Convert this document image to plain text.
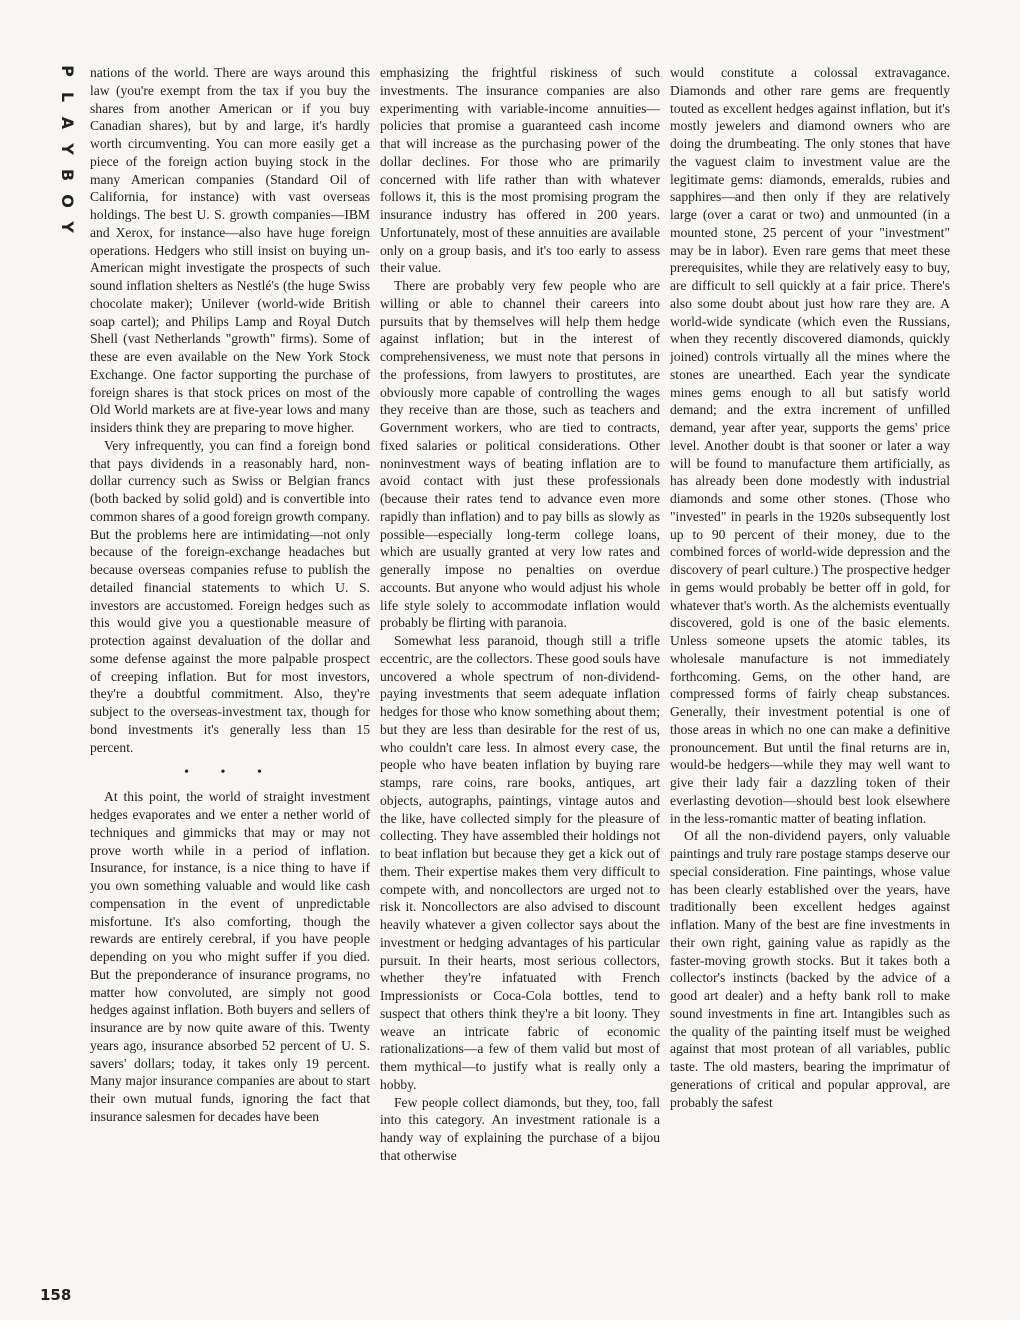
P
L
A
Y
B
O
Y
158

nations of the world. There are ways around this law (you're exempt from the tax if you buy the shares from another American or if you buy Canadian shares), but by and large, it's hardly worth circumventing. You can more easily get a piece of the foreign action buying stock in the many American companies (Standard Oil of California, for instance) with vast overseas holdings. The best U. S. growth companies—IBM and Xerox, for instance—also have huge foreign operations. Hedgers who still insist on buying un-American might investigate the prospects of such sound inflation shelters as Nestlé's (the huge Swiss chocolate maker); Unilever (world-wide British soap cartel); and Philips Lamp and Royal Dutch Shell (vast Netherlands "growth" firms). Some of these are even available on the New York Stock Exchange. One factor supporting the purchase of foreign shares is that stock prices on most of the Old World markets are at five-year lows and many insiders think they are preparing to move higher.

Very infrequently, you can find a foreign bond that pays dividends in a reasonably hard, non-dollar currency such as Swiss or Belgian francs (both backed by solid gold) and is convertible into common shares of a good foreign growth company. But the problems here are intimidating—not only because of the foreign-exchange headaches but because overseas companies refuse to publish the detailed financial statements to which U. S. investors are accustomed. Foreign hedges such as this would give you a questionable measure of protection against devaluation of the dollar and some defense against the more palpable prospect of creeping inflation. But for most investors, they're a doubtful commitment. Also, they're subject to the overseas-investment tax, though for bond investments it's generally less than 15 percent.

• • •

At this point, the world of straight investment hedges evaporates and we enter a nether world of techniques and gimmicks that may or may not prove worth while in a period of inflation. Insurance, for instance, is a nice thing to have if you own something valuable and would like cash compensation in the event of unpredictable misfortune. It's also comforting, though the rewards are entirely cerebral, if you have people depending on you who might suffer if you died. But the preponderance of insurance programs, no matter how convoluted, are simply not good hedges against inflation. Both buyers and sellers of insurance are by now quite aware of this. Twenty years ago, insurance absorbed 52 percent of U. S. savers' dollars; today, it takes only 19 percent. Many major insurance companies are about to start their own mutual funds, ignoring the fact that insurance salesmen for decades have been

emphasizing the frightful riskiness of such investments. The insurance companies are also experimenting with variable-income annuities—policies that promise a guaranteed cash income that will increase as the purchasing power of the dollar declines. For those who are primarily concerned with life rather than with whatever follows it, this is the most promising program the insurance industry has offered in 200 years. Unfortunately, most of these annuities are available only on a group basis, and it's too early to assess their value.

There are probably very few people who are willing or able to channel their careers into pursuits that by themselves will help them hedge against inflation; but in the interest of comprehensiveness, we must note that persons in the professions, from lawyers to prostitutes, are obviously more capable of controlling the wages they receive than are those, such as teachers and Government workers, who are tied to contracts, fixed salaries or political considerations. Other noninvestment ways of beating inflation are to avoid contact with just these professionals (because their rates tend to advance even more rapidly than inflation) and to pay bills as slowly as possible—especially long-term college loans, which are usually granted at very low rates and generally impose no penalties on overdue accounts. But anyone who would adjust his whole life style solely to accommodate inflation would probably be flirting with paranoia.

Somewhat less paranoid, though still a trifle eccentric, are the collectors. These good souls have uncovered a whole spectrum of non-dividend-paying investments that seem adequate inflation hedges for those who know something about them; but they are less than desirable for the rest of us, who couldn't care less. In almost every case, the people who have beaten inflation by buying rare stamps, rare coins, rare books, antiques, art objects, autographs, paintings, vintage autos and the like, have collected simply for the pleasure of collecting. They have assembled their holdings not to beat inflation but because they get a kick out of them. Their expertise makes them very difficult to compete with, and noncollectors are urged not to risk it. Noncollectors are also advised to discount heavily whatever a given collector says about the investment or hedging advantages of his particular pursuit. In their hearts, most serious collectors, whether they're infatuated with French Impressionists or Coca-Cola bottles, tend to suspect that others think they're a bit loony. They weave an intricate fabric of economic rationalizations—a few of them valid but most of them mythical—to justify what is really only a hobby.

Few people collect diamonds, but they, too, fall into this category. An investment rationale is a handy way of explaining the purchase of a bijou that otherwise

would constitute a colossal extravagance. Diamonds and other rare gems are frequently touted as excellent hedges against inflation, but it's mostly jewelers and diamond owners who are doing the drumbeating. The only stones that have the vaguest claim to investment value are the legitimate gems: diamonds, emeralds, rubies and sapphires—and then only if they are relatively large (over a carat or two) and unmounted (in a mounted stone, 25 percent of your "investment" may be in labor). Even rare gems that meet these prerequisites, while they are relatively easy to buy, are difficult to sell quickly at a fair price. There's also some doubt about just how rare they are. A world-wide syndicate (which even the Russians, when they recently discovered diamonds, quickly joined) controls virtually all the mines where the stones are unearthed. Each year the syndicate mines gems enough to all but satisfy world demand; and the extra increment of unfilled demand, year after year, supports the gems' price level. Another doubt is that sooner or later a way will be found to manufacture them artificially, as has already been done modestly with industrial diamonds and some other stones. (Those who "invested" in pearls in the 1920s subsequently lost up to 90 percent of their money, due to the combined forces of world-wide depression and the discovery of pearl culture.) The prospective hedger in gems would probably be better off in gold, for whatever that's worth. As the alchemists eventually discovered, gold is one of the basic elements. Unless someone upsets the atomic tables, its wholesale manufacture is not immediately forthcoming. Gems, on the other hand, are compressed forms of fairly cheap substances. Generally, their investment potential is one of those areas in which no one can make a definitive pronouncement. But until the final returns are in, would-be hedgers—while they may well want to give their lady fair a dazzling token of their everlasting devotion—should best look elsewhere in the less-romantic matter of beating inflation.

Of all the non-dividend payers, only valuable paintings and truly rare postage stamps deserve our special consideration. Fine paintings, whose value has been clearly established over the years, have traditionally been excellent hedges against inflation. Many of the best are fine investments in their own right, gaining value as rapidly as the faster-moving growth stocks. But it takes both a collector's instincts (backed by the advice of a good art dealer) and a hefty bank roll to make sound investments in fine art. Intangibles such as the quality of the painting itself must be weighed against that most protean of all variables, public taste. The old masters, bearing the imprimatur of generations of critical and popular approval, are probably the safest
